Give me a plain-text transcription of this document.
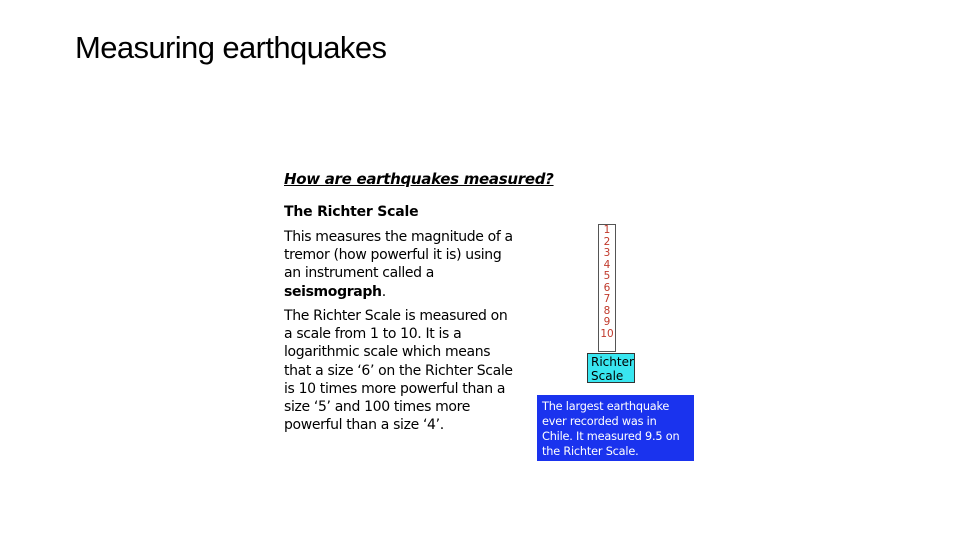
Measuring earthquakes
How are earthquakes measured?
The Richter Scale
This measures the magnitude of a tremor (how powerful it is) using an instrument called a seismograph.
The Richter Scale is measured on a scale from 1 to 10. It is a logarithmic scale which means that a size ‘6’ on the Richter Scale is 10 times more powerful than a size ‘5’ and 100 times more powerful than a size ‘4’.
1
2
3
4
5
6
7
8
9
10
Richter Scale
The largest earthquake ever recorded was in Chile. It measured 9.5 on the Richter Scale.
